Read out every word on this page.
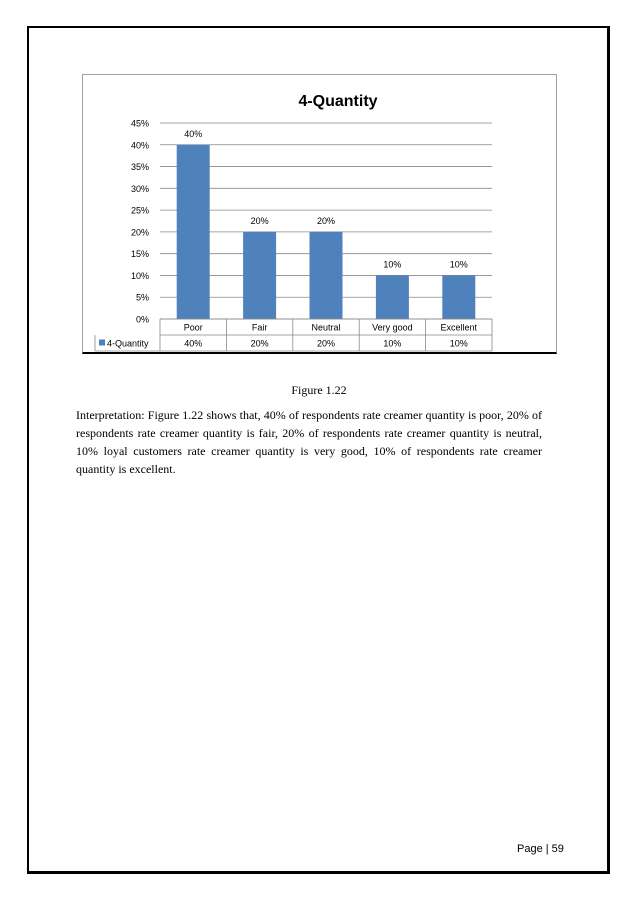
4-Quantity
0%
5%
10%
15%
20%
25%
30%
35%
40%
45%
40%
20%	20%
10%	10%
Poor
40%
Fair
20%
Neutral
20%
Very good
10%
Excellent
10%
4-Quantity
Figure 1.22
Interpretation: Figure 1.22 shows that, 40% of respondents rate creamer quantity is poor, 20% of respondents rate creamer quantity is fair, 20% of respondents rate creamer quantity is neutral, 10% loyal customers rate creamer quantity is very good, 10% of respondents rate creamer quantity is excellent.
Page | 59
